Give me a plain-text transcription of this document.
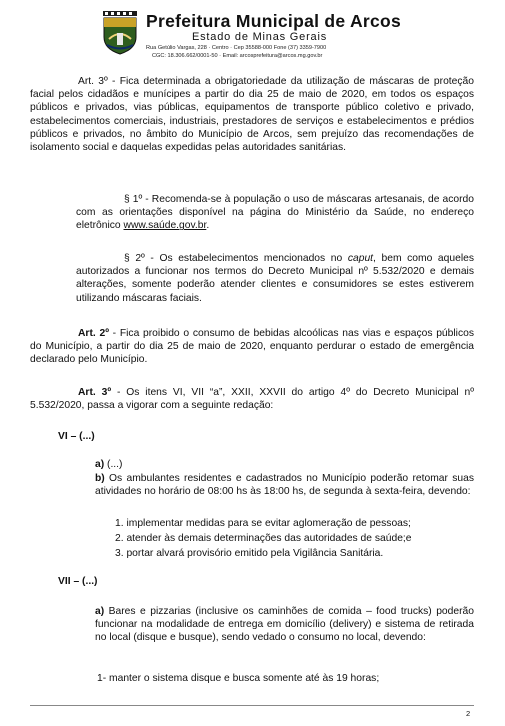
Prefeitura Municipal de Arcos
Estado de Minas Gerais
Rua Getúlio Vargas, 228 · Centro · Cep 35588-000 Fone (37) 3359-7900
CGC: 18.306.662/0001-50 · Email: arcosprefeitura@arcos.mg.gov.br

Art. 3º - Fica determinada a obrigatoriedade da utilização de máscaras de proteção facial pelos cidadãos e munícipes a partir do dia 25 de maio de 2020, em todos os espaços públicos e privados, vias públicas, equipamentos de transporte público coletivo e privado, estabelecimentos comerciais, industriais, prestadores de serviços e estabelecimentos e prédios públicos e privados, no âmbito do Município de Arcos, sem prejuízo das recomendações de isolamento social e daquelas expedidas pelas autoridades sanitárias.

§ 1º - Recomenda-se à população o uso de máscaras artesanais, de acordo com as orientações disponível na página do Ministério da Saúde, no endereço eletrônico www.saúde.gov.br.

§ 2º - Os estabelecimentos mencionados no caput, bem como aqueles autorizados a funcionar nos termos do Decreto Municipal nº 5.532/2020 e demais alterações, somente poderão atender clientes e consumidores se estes estiverem utilizando máscaras faciais.

Art. 2º - Fica proibido o consumo de bebidas alcoólicas nas vias e espaços públicos do Município, a partir do dia 25 de maio de 2020, enquanto perdurar o estado de emergência declarado pelo Município.

Art. 3º - Os itens VI, VII “a”, XXII, XXVII do artigo 4º do Decreto Municipal nº 5.532/2020, passa a vigorar com a seguinte redação:

VI – (...)
a) (...)
b) Os ambulantes residentes e cadastrados no Município poderão retomar suas atividades no horário de 08:00 hs às 18:00 hs, de segunda à sexta-feira, devendo:
1. implementar medidas para se evitar aglomeração de pessoas;
2. atender às demais determinações das autoridades de saúde;e
3. portar alvará provisório emitido pela Vigilância Sanitária.
VII – (...)
a) Bares e pizzarias (inclusive os caminhões de comida – food trucks) poderão funcionar na modalidade de entrega em domicílio (delivery) e sistema de retirada no local (disque e busque), sendo vedado o consumo no local, devendo:
1- manter o sistema disque e busca somente até às 19 horas;
2
